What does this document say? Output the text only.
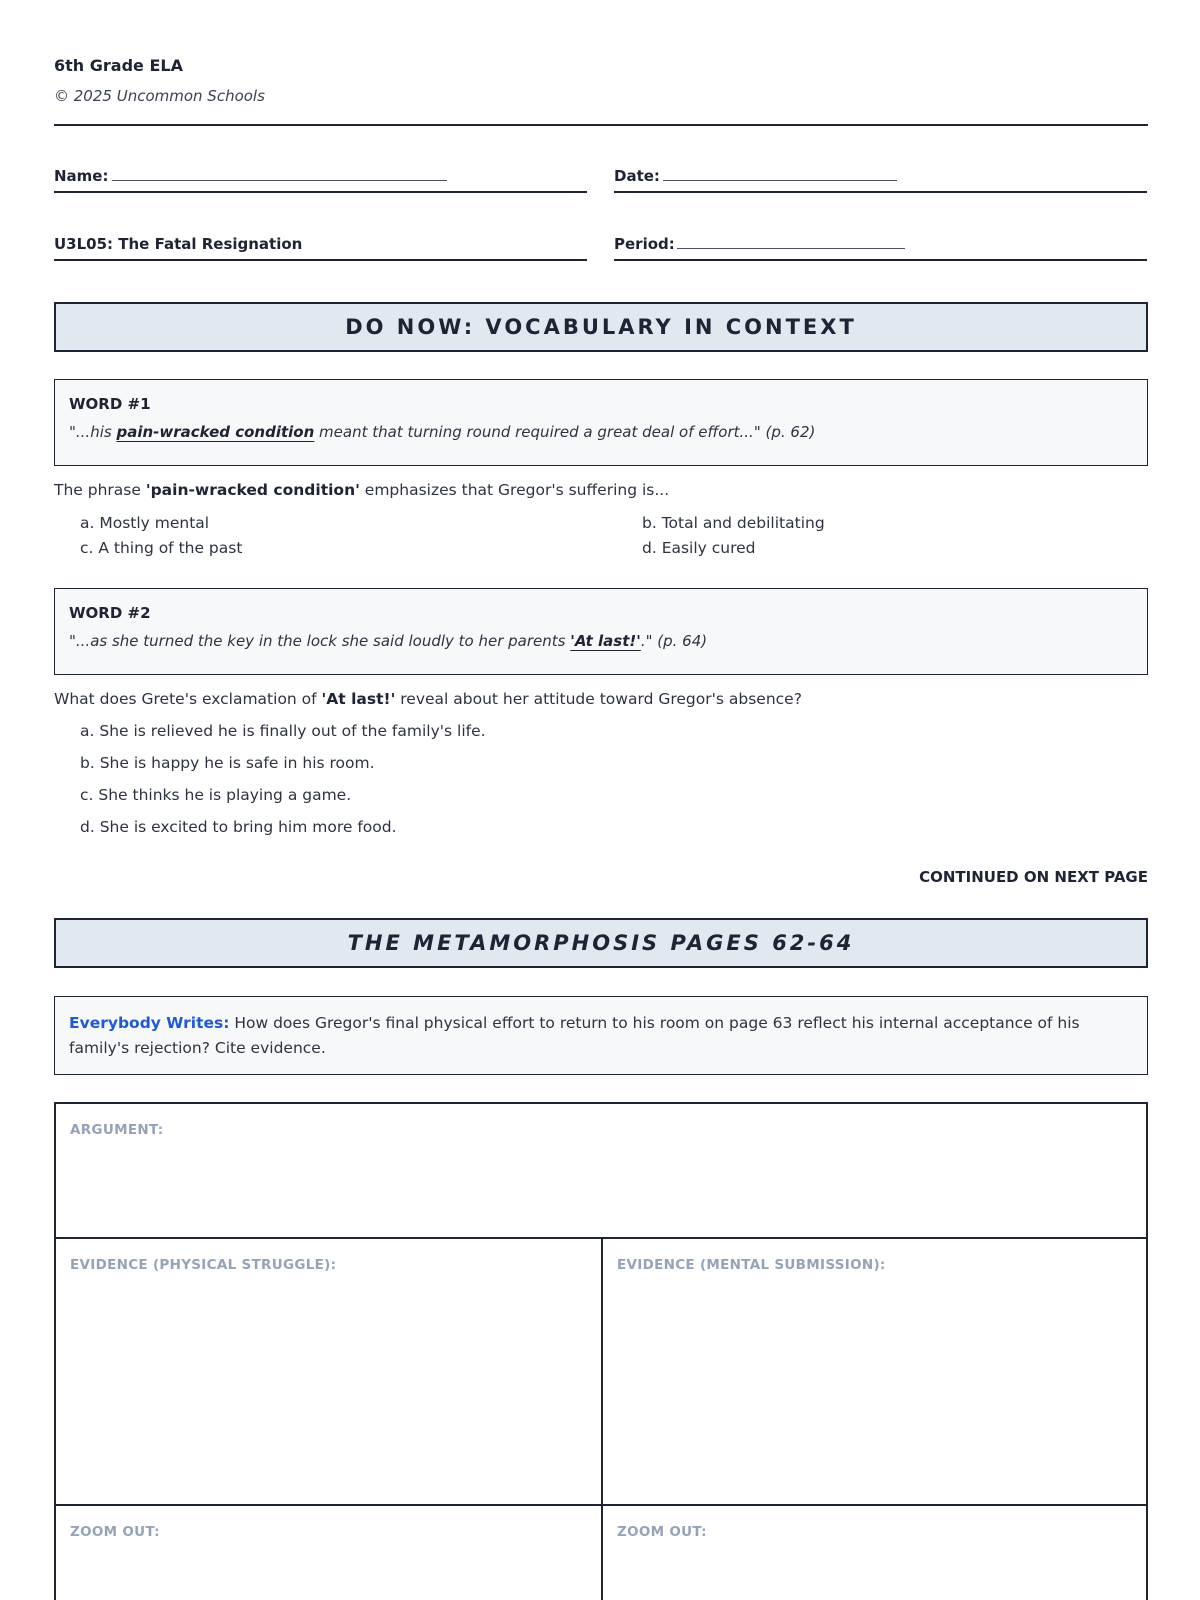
6th Grade ELA
© 2025 Uncommon Schools
Name:	Date:
U3L05: The Fatal Resignation	Period:
DO NOW: VOCABULARY IN CONTEXT
WORD #1
"...his pain-wracked condition meant that turning round required a great deal of effort..." (p. 62)
The phrase 'pain-wracked condition' emphasizes that Gregor's suffering is...
a. Mostly mental	b. Total and debilitating
c. A thing of the past	d. Easily cured
WORD #2
"...as she turned the key in the lock she said loudly to her parents 'At last!'." (p. 64)
What does Grete's exclamation of 'At last!' reveal about her attitude toward Gregor's absence?
a. She is relieved he is finally out of the family's life.
b. She is happy he is safe in his room.
c. She thinks he is playing a game.
d. She is excited to bring him more food.
CONTINUED ON NEXT PAGE
THE METAMORPHOSIS PAGES 62-64
Everybody Writes: How does Gregor's final physical effort to return to his room on page 63 reflect his internal acceptance of his family's rejection? Cite evidence.
ARGUMENT:
EVIDENCE (PHYSICAL STRUGGLE):	EVIDENCE (MENTAL SUBMISSION):
ZOOM OUT:	ZOOM OUT:
